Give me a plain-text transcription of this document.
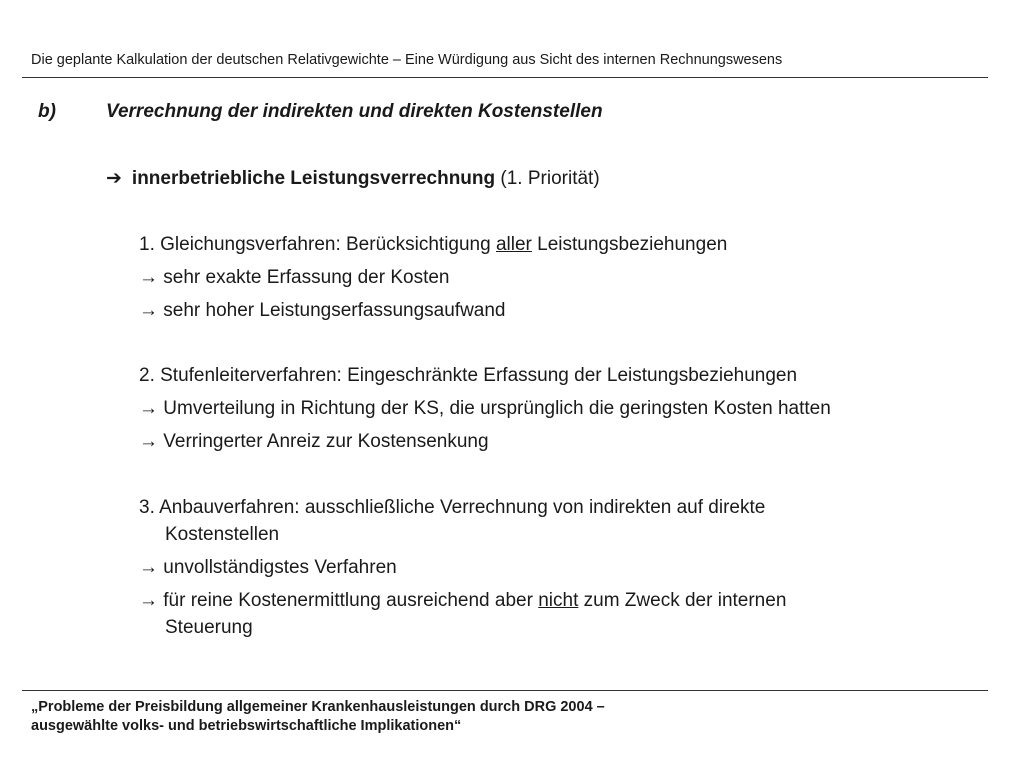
Die geplante Kalkulation der deutschen Relativgewichte – Eine Würdigung aus Sicht des internen Rechnungswesens
b)	Verrechnung der indirekten und direkten Kostenstellen
➔ innerbetriebliche Leistungsverrechnung (1. Priorität)
1. Gleichungsverfahren: Berücksichtigung aller Leistungsbeziehungen
→ sehr exakte Erfassung der Kosten
→ sehr hoher Leistungserfassungsaufwand
2. Stufenleiterverfahren: Eingeschränkte Erfassung der Leistungsbeziehungen
→ Umverteilung in Richtung der KS, die ursprünglich die geringsten Kosten hatten
→ Verringerter Anreiz zur Kostensenkung
3. Anbauverfahren: ausschließliche Verrechnung von indirekten auf direkte
Kostenstellen
→ unvollständigstes Verfahren
→ für reine Kostenermittlung ausreichend aber nicht zum Zweck der internen
Steuerung
„Probleme der Preisbildung allgemeiner Krankenhausleistungen durch DRG 2004 –
ausgewählte volks- und betriebswirtschaftliche Implikationen“
